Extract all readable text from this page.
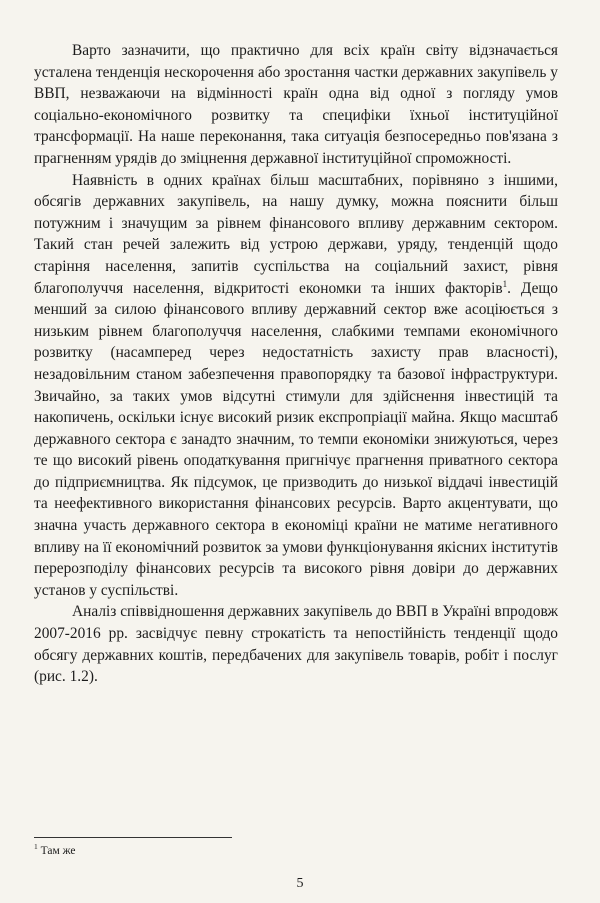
Варто зазначити, що практично для всіх країн світу відзначається усталена тенденція нескорочення або зростання частки державних закупівель у ВВП, незважаючи на відмінності країн одна від одної з погляду умов соціально-економічного розвитку та специфіки їхньої інституційної трансформації. На наше переконання, така ситуація безпосередньо пов'язана з прагненням урядів до зміцнення державної інституційної спроможності.

Наявність в одних країнах більш масштабних, порівняно з іншими, обсягів державних закупівель, на нашу думку, можна пояснити більш потужним і значущим за рівнем фінансового впливу державним сектором. Такий стан речей залежить від устрою держави, уряду, тенденцій щодо старіння населення, запитів суспільства на соціальний захист, рівня благополуччя населення, відкритості економки та інших факторів$^1$. Дещо менший за силою фінансового впливу державний сектор вже асоціюється з низьким рівнем благополуччя населення, слабкими темпами економічного розвитку (насамперед через недостатність захисту прав власності), незадовільним станом забезпечення правопорядку та базової інфраструктури. Звичайно, за таких умов відсутні стимули для здійснення інвестицій та накопичень, оскільки існує високий ризик експропріації майна. Якщо масштаб державного сектора є занадто значним, то темпи економіки знижуються, через те що високий рівень оподаткування пригнічує прагнення приватного сектора до підприємництва. Як підсумок, це призводить до низької віддачі інвестицій та неефективного використання фінансових ресурсів. Варто акцентувати, що значна участь державного сектора в економіці країни не матиме негативного впливу на її економічний розвиток за умови функціонування якісних інститутів перерозподілу фінансових ресурсів та високого рівня довіри до державних установ у суспільстві.

Аналіз співвідношення державних закупівель до ВВП в Україні впродовж 2007-2016 рр. засвідчує певну строкатість та непостійність тенденції щодо обсягу державних коштів, передбачених для закупівель товарів, робіт і послуг (рис. 1.2).

$^1$ Там же
5
